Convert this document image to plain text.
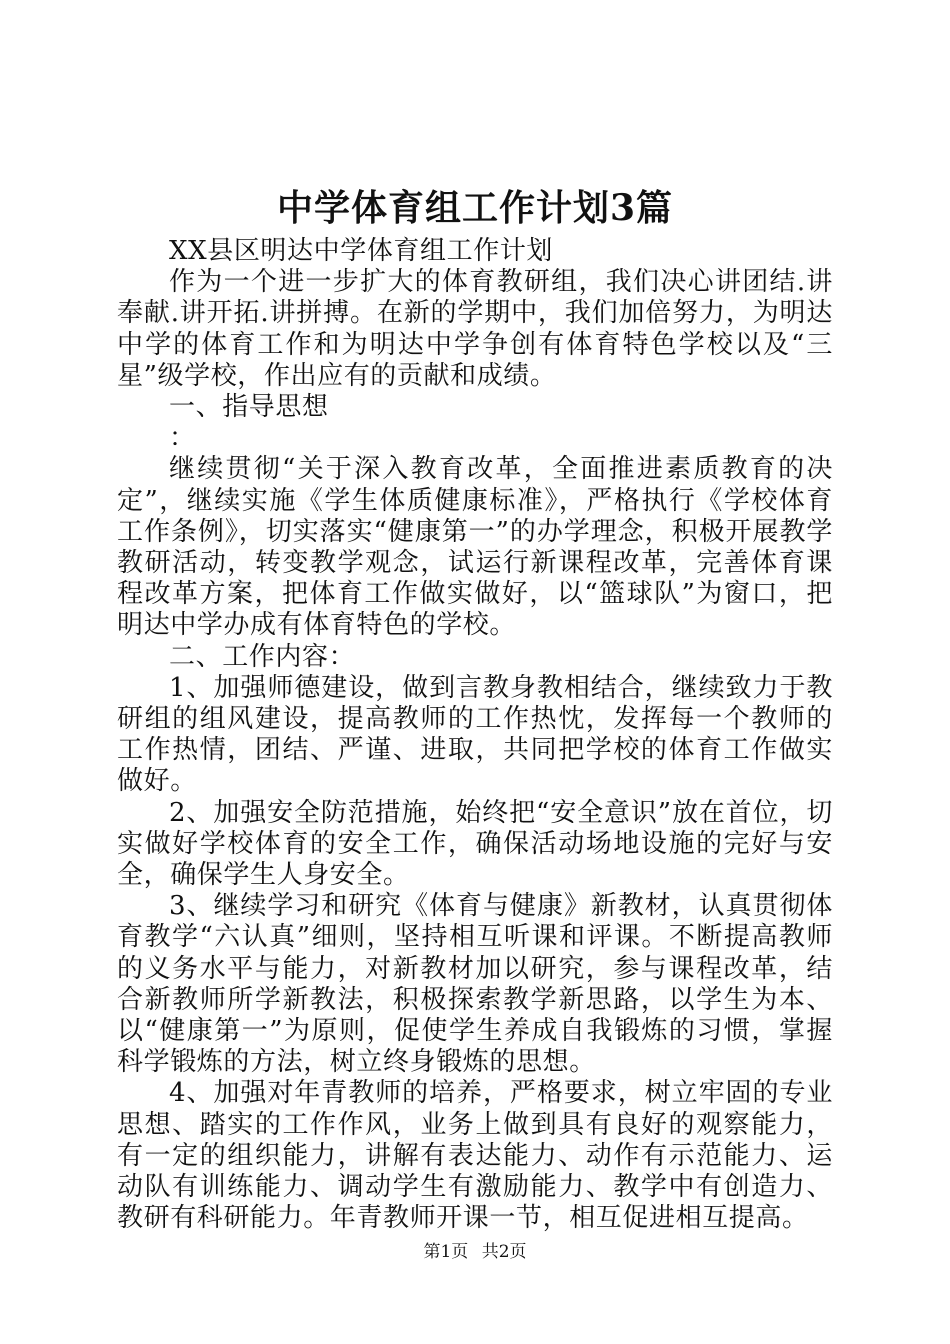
中学体育组工作计划3篇

XX县区明达中学体育组工作计划

作为一个进一步扩大的体育教研组，我们决心讲团结.讲奉献.讲开拓.讲拼搏。在新的学期中，我们加倍努力，为明达中学的体育工作和为明达中学争创有体育特色学校以及“三星”级学校，作出应有的贡献和成绩。

一、指导思想

：

继续贯彻“关于深入教育改革，全面推进素质教育的决定”，继续实施《学生体质健康标准》，严格执行《学校体育工作条例》，切实落实“健康第一”的办学理念，积极开展教学教研活动，转变教学观念，试运行新课程改革，完善体育课程改革方案，把体育工作做实做好，以“篮球队”为窗口，把明达中学办成有体育特色的学校。

二、工作内容：

1、加强师德建设，做到言教身教相结合，继续致力于教研组的组风建设，提高教师的工作热忱，发挥每一个教师的工作热情，团结、严谨、进取，共同把学校的体育工作做实做好。

2、加强安全防范措施，始终把“安全意识”放在首位，切实做好学校体育的安全工作，确保活动场地设施的完好与安全，确保学生人身安全。

3、继续学习和研究《体育与健康》新教材，认真贯彻体育教学“六认真”细则，坚持相互听课和评课。不断提高教师的义务水平与能力，对新教材加以研究，参与课程改革，结合新教师所学新教法，积极探索教学新思路，以学生为本、以“健康第一”为原则，促使学生养成自我锻炼的习惯，掌握科学锻炼的方法，树立终身锻炼的思想。

4、加强对年青教师的培养，严格要求，树立牢固的专业思想、踏实的工作作风，业务上做到具有良好的观察能力，有一定的组织能力，讲解有表达能力、动作有示范能力、运动队有训练能力、调动学生有激励能力、教学中有创造力、教研有科研能力。年青教师开课一节，相互促进相互提高。

第1页 共2页
